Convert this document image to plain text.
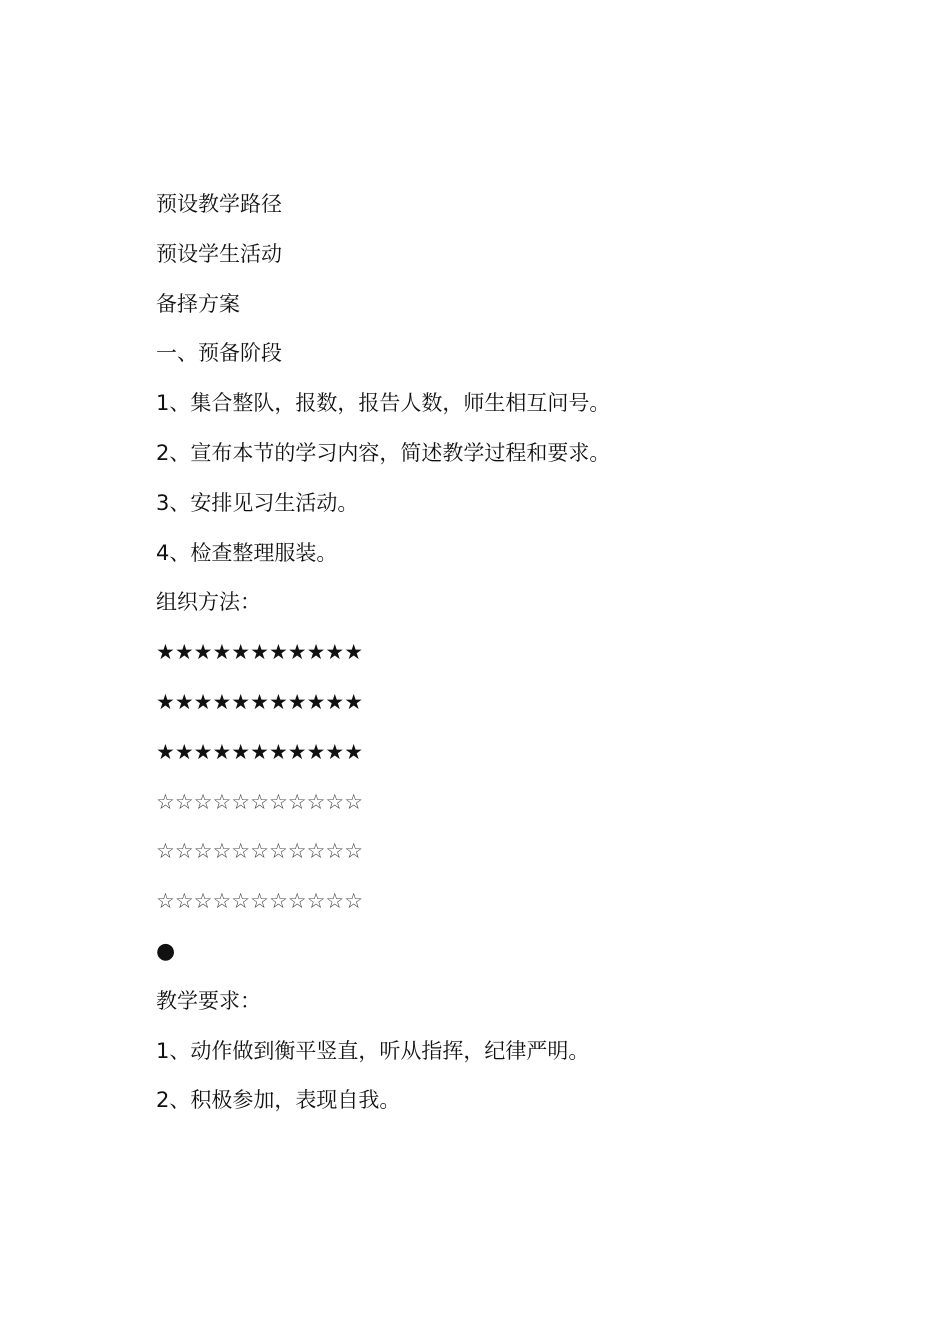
预设教学路径
预设学生活动
备择方案
一、预备阶段
1、集合整队，报数，报告人数，师生相互问号。
2、宣布本节的学习内容，简述教学过程和要求。
3、安排见习生活动。
4、检查整理服装。
组织方法：
★★★★★★★★★★★
★★★★★★★★★★★
★★★★★★★★★★★
☆☆☆☆☆☆☆☆☆☆☆
☆☆☆☆☆☆☆☆☆☆☆
☆☆☆☆☆☆☆☆☆☆☆
●
教学要求：
1、动作做到衡平竖直，听从指挥，纪律严明。
2、积极参加，表现自我。
